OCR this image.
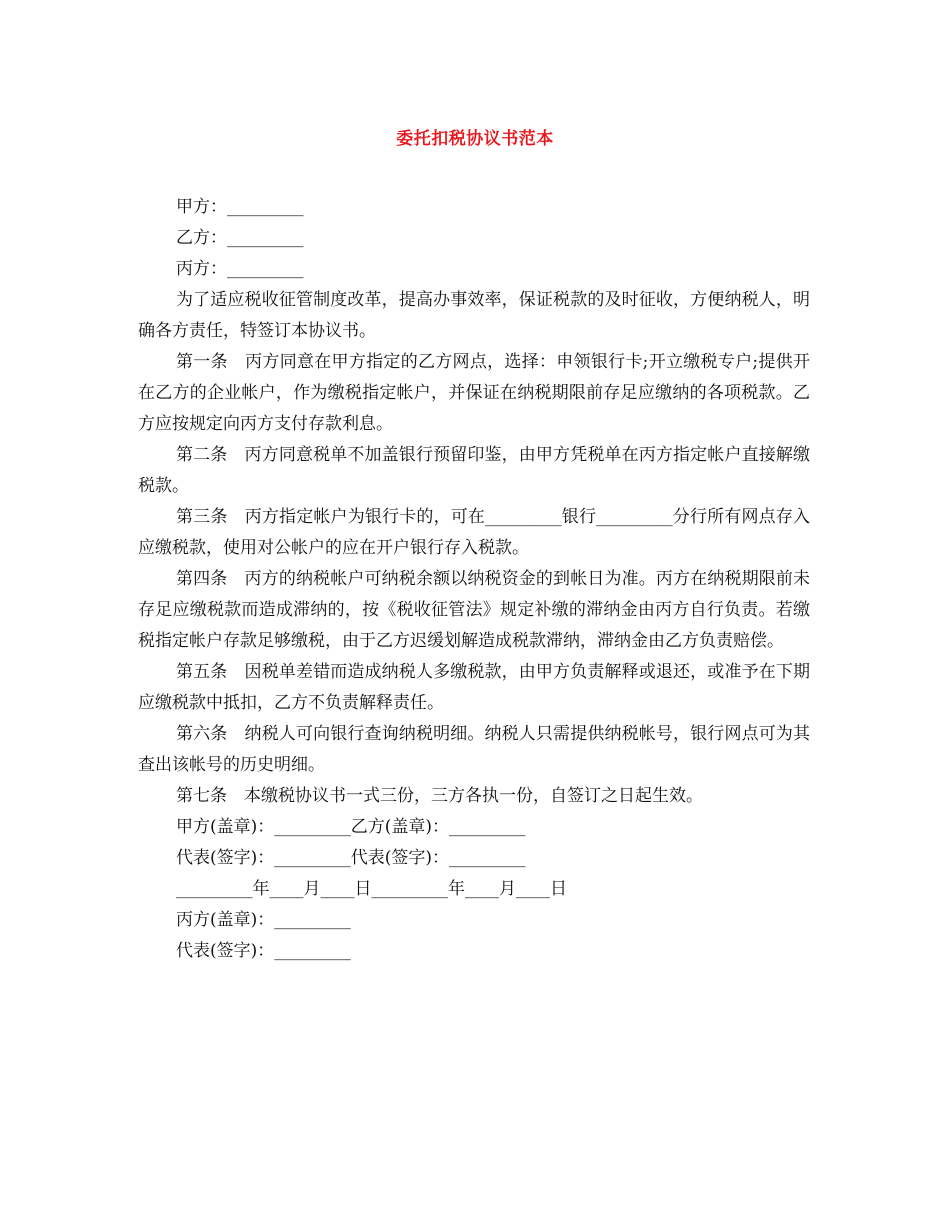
委托扣税协议书范本

甲方：_________

乙方：_________

丙方：_________

为了适应税收征管制度改革，提高办事效率，保证税款的及时征收，方便纳税人，明确各方责任，特签订本协议书。

第一条　丙方同意在甲方指定的乙方网点，选择：申领银行卡;开立缴税专户;提供开在乙方的企业帐户，作为缴税指定帐户，并保证在纳税期限前存足应缴纳的各项税款。乙方应按规定向丙方支付存款利息。

第二条　丙方同意税单不加盖银行预留印鉴，由甲方凭税单在丙方指定帐户直接解缴税款。

第三条　丙方指定帐户为银行卡的，可在_________银行_________分行所有网点存入应缴税款，使用对公帐户的应在开户银行存入税款。

第四条　丙方的纳税帐户可纳税余额以纳税资金的到帐日为准。丙方在纳税期限前未存足应缴税款而造成滞纳的，按《税收征管法》规定补缴的滞纳金由丙方自行负责。若缴税指定帐户存款足够缴税，由于乙方迟缓划解造成税款滞纳，滞纳金由乙方负责赔偿。

第五条　因税单差错而造成纳税人多缴税款，由甲方负责解释或退还，或准予在下期应缴税款中抵扣，乙方不负责解释责任。

第六条　纳税人可向银行查询纳税明细。纳税人只需提供纳税帐号，银行网点可为其查出该帐号的历史明细。

第七条　本缴税协议书一式三份，三方各执一份，自签订之日起生效。

甲方(盖章)：_________乙方(盖章)：_________

代表(签字)：_________代表(签字)：_________

_________年____月____日_________年____月____日

丙方(盖章)：_________

代表(签字)：_________
